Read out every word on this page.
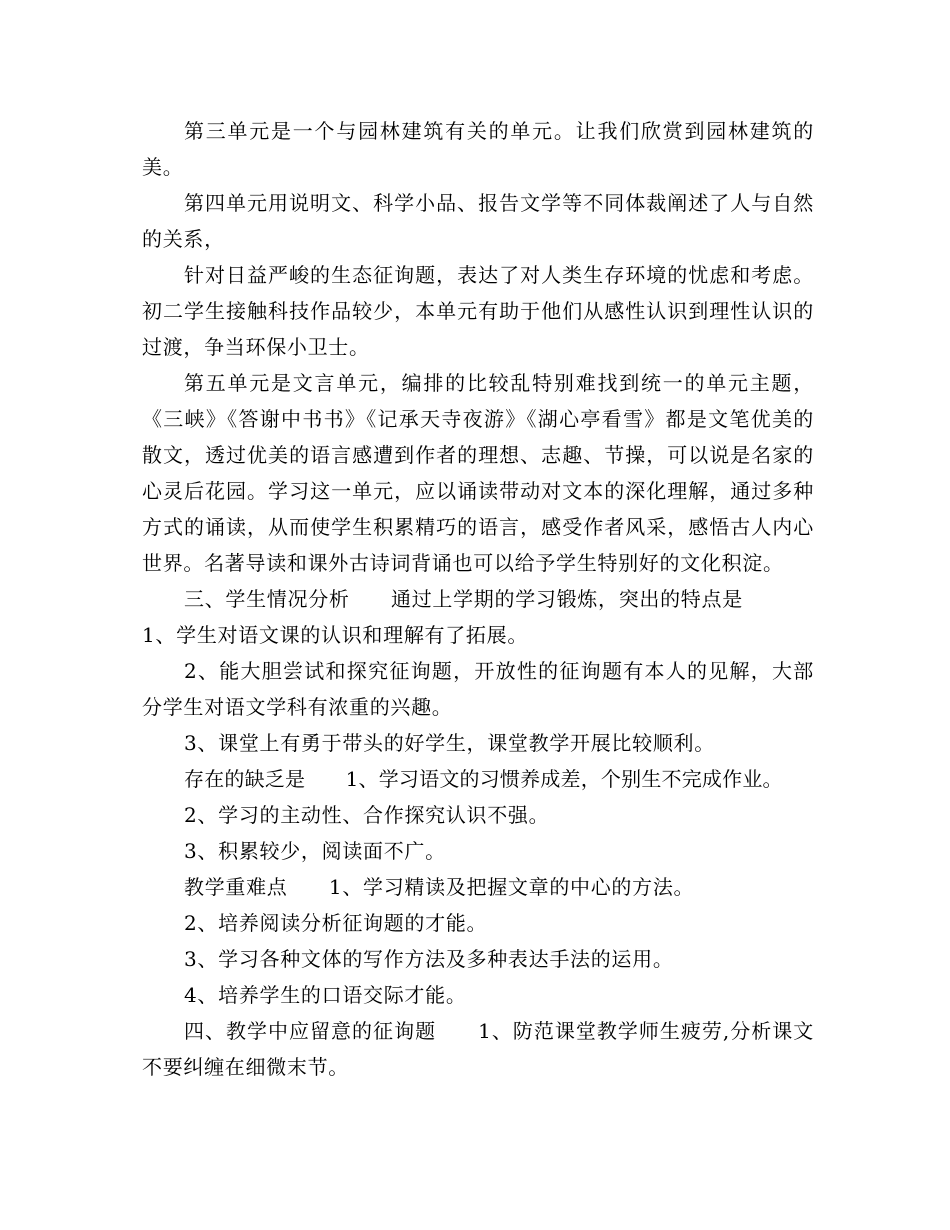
第三单元是一个与园林建筑有关的单元。让我们欣赏到园林建筑的美。

第四单元用说明文、科学小品、报告文学等不同体裁阐述了人与自然的关系，

针对日益严峻的生态征询题，表达了对人类生存环境的忧虑和考虑。初二学生接触科技作品较少，本单元有助于他们从感性认识到理性认识的过渡，争当环保小卫士。

第五单元是文言单元，编排的比较乱特别难找到统一的单元主题，《三峡》《答谢中书书》《记承天寺夜游》《湖心亭看雪》都是文笔优美的散文，透过优美的语言感遭到作者的理想、志趣、节操，可以说是名家的心灵后花园。学习这一单元，应以诵读带动对文本的深化理解，通过多种方式的诵读，从而使学生积累精巧的语言，感受作者风采，感悟古人内心世界。名著导读和课外古诗词背诵也可以给予学生特别好的文化积淀。

三、学生情况分析　　通过上学期的学习锻炼，突出的特点是

1、学生对语文课的认识和理解有了拓展。

2、能大胆尝试和探究征询题，开放性的征询题有本人的见解，大部分学生对语文学科有浓重的兴趣。

3、课堂上有勇于带头的好学生，课堂教学开展比较顺利。

存在的缺乏是　　1、学习语文的习惯养成差，个别生不完成作业。

2、学习的主动性、合作探究认识不强。

3、积累较少，阅读面不广。

教学重难点　　1、学习精读及把握文章的中心的方法。

2、培养阅读分析征询题的才能。

3、学习各种文体的写作方法及多种表达手法的运用。

4、培养学生的口语交际才能。

四、教学中应留意的征询题　　1、防范课堂教学师生疲劳,分析课文不要纠缠在细微末节。
